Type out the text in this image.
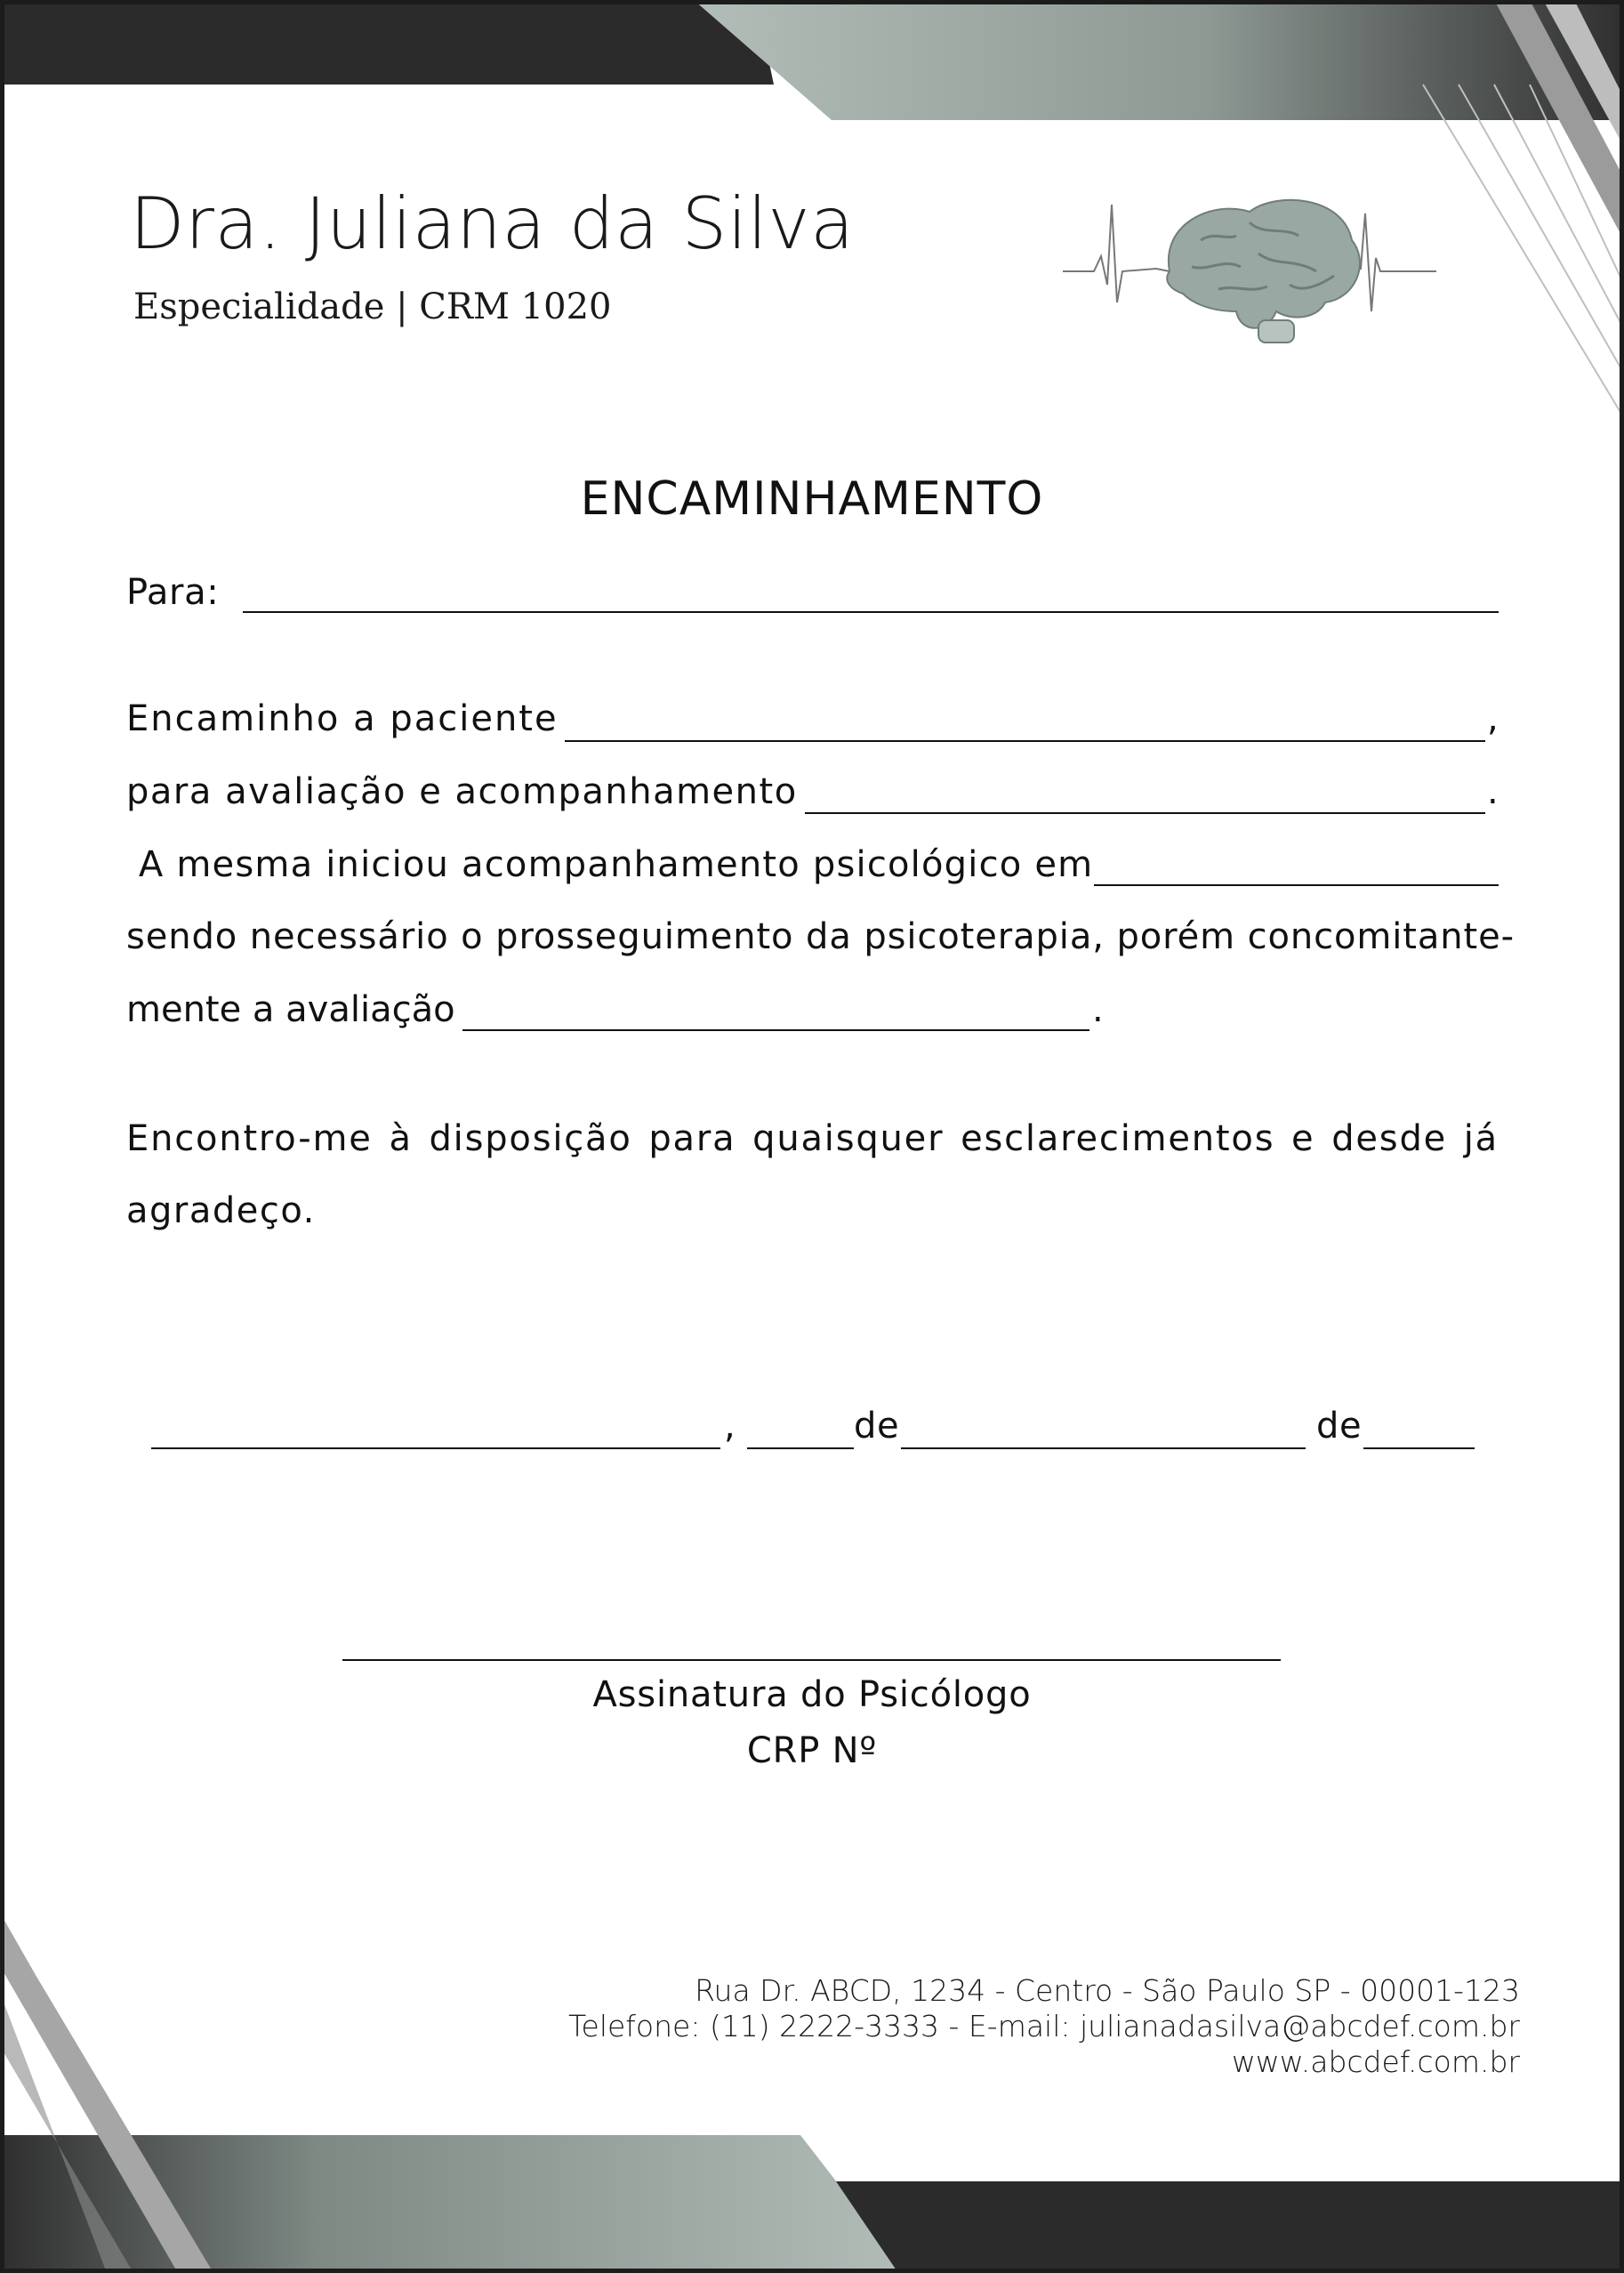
Dra. Juliana da Silva
Especialidade | CRM 1020
ENCAMINHAMENTO
Para:
Encaminho a paciente	,
para avaliação e acompanhamento	.
A mesma iniciou acompanhamento psicológico em
sendo necessário o prosseguimento da psicoterapia, porém concomitante-
mente a avaliação	.
Encontro-me à disposição para quaisquer esclarecimentos e desde já
agradeço.
,	de	de
Assinatura do Psicólogo
CRP Nº
Rua Dr. ABCD, 1234 - Centro - São Paulo SP - 00001-123
Telefone: (11) 2222-3333 - E-mail: julianadasilva@abcdef.com.br
www.abcdef.com.br
